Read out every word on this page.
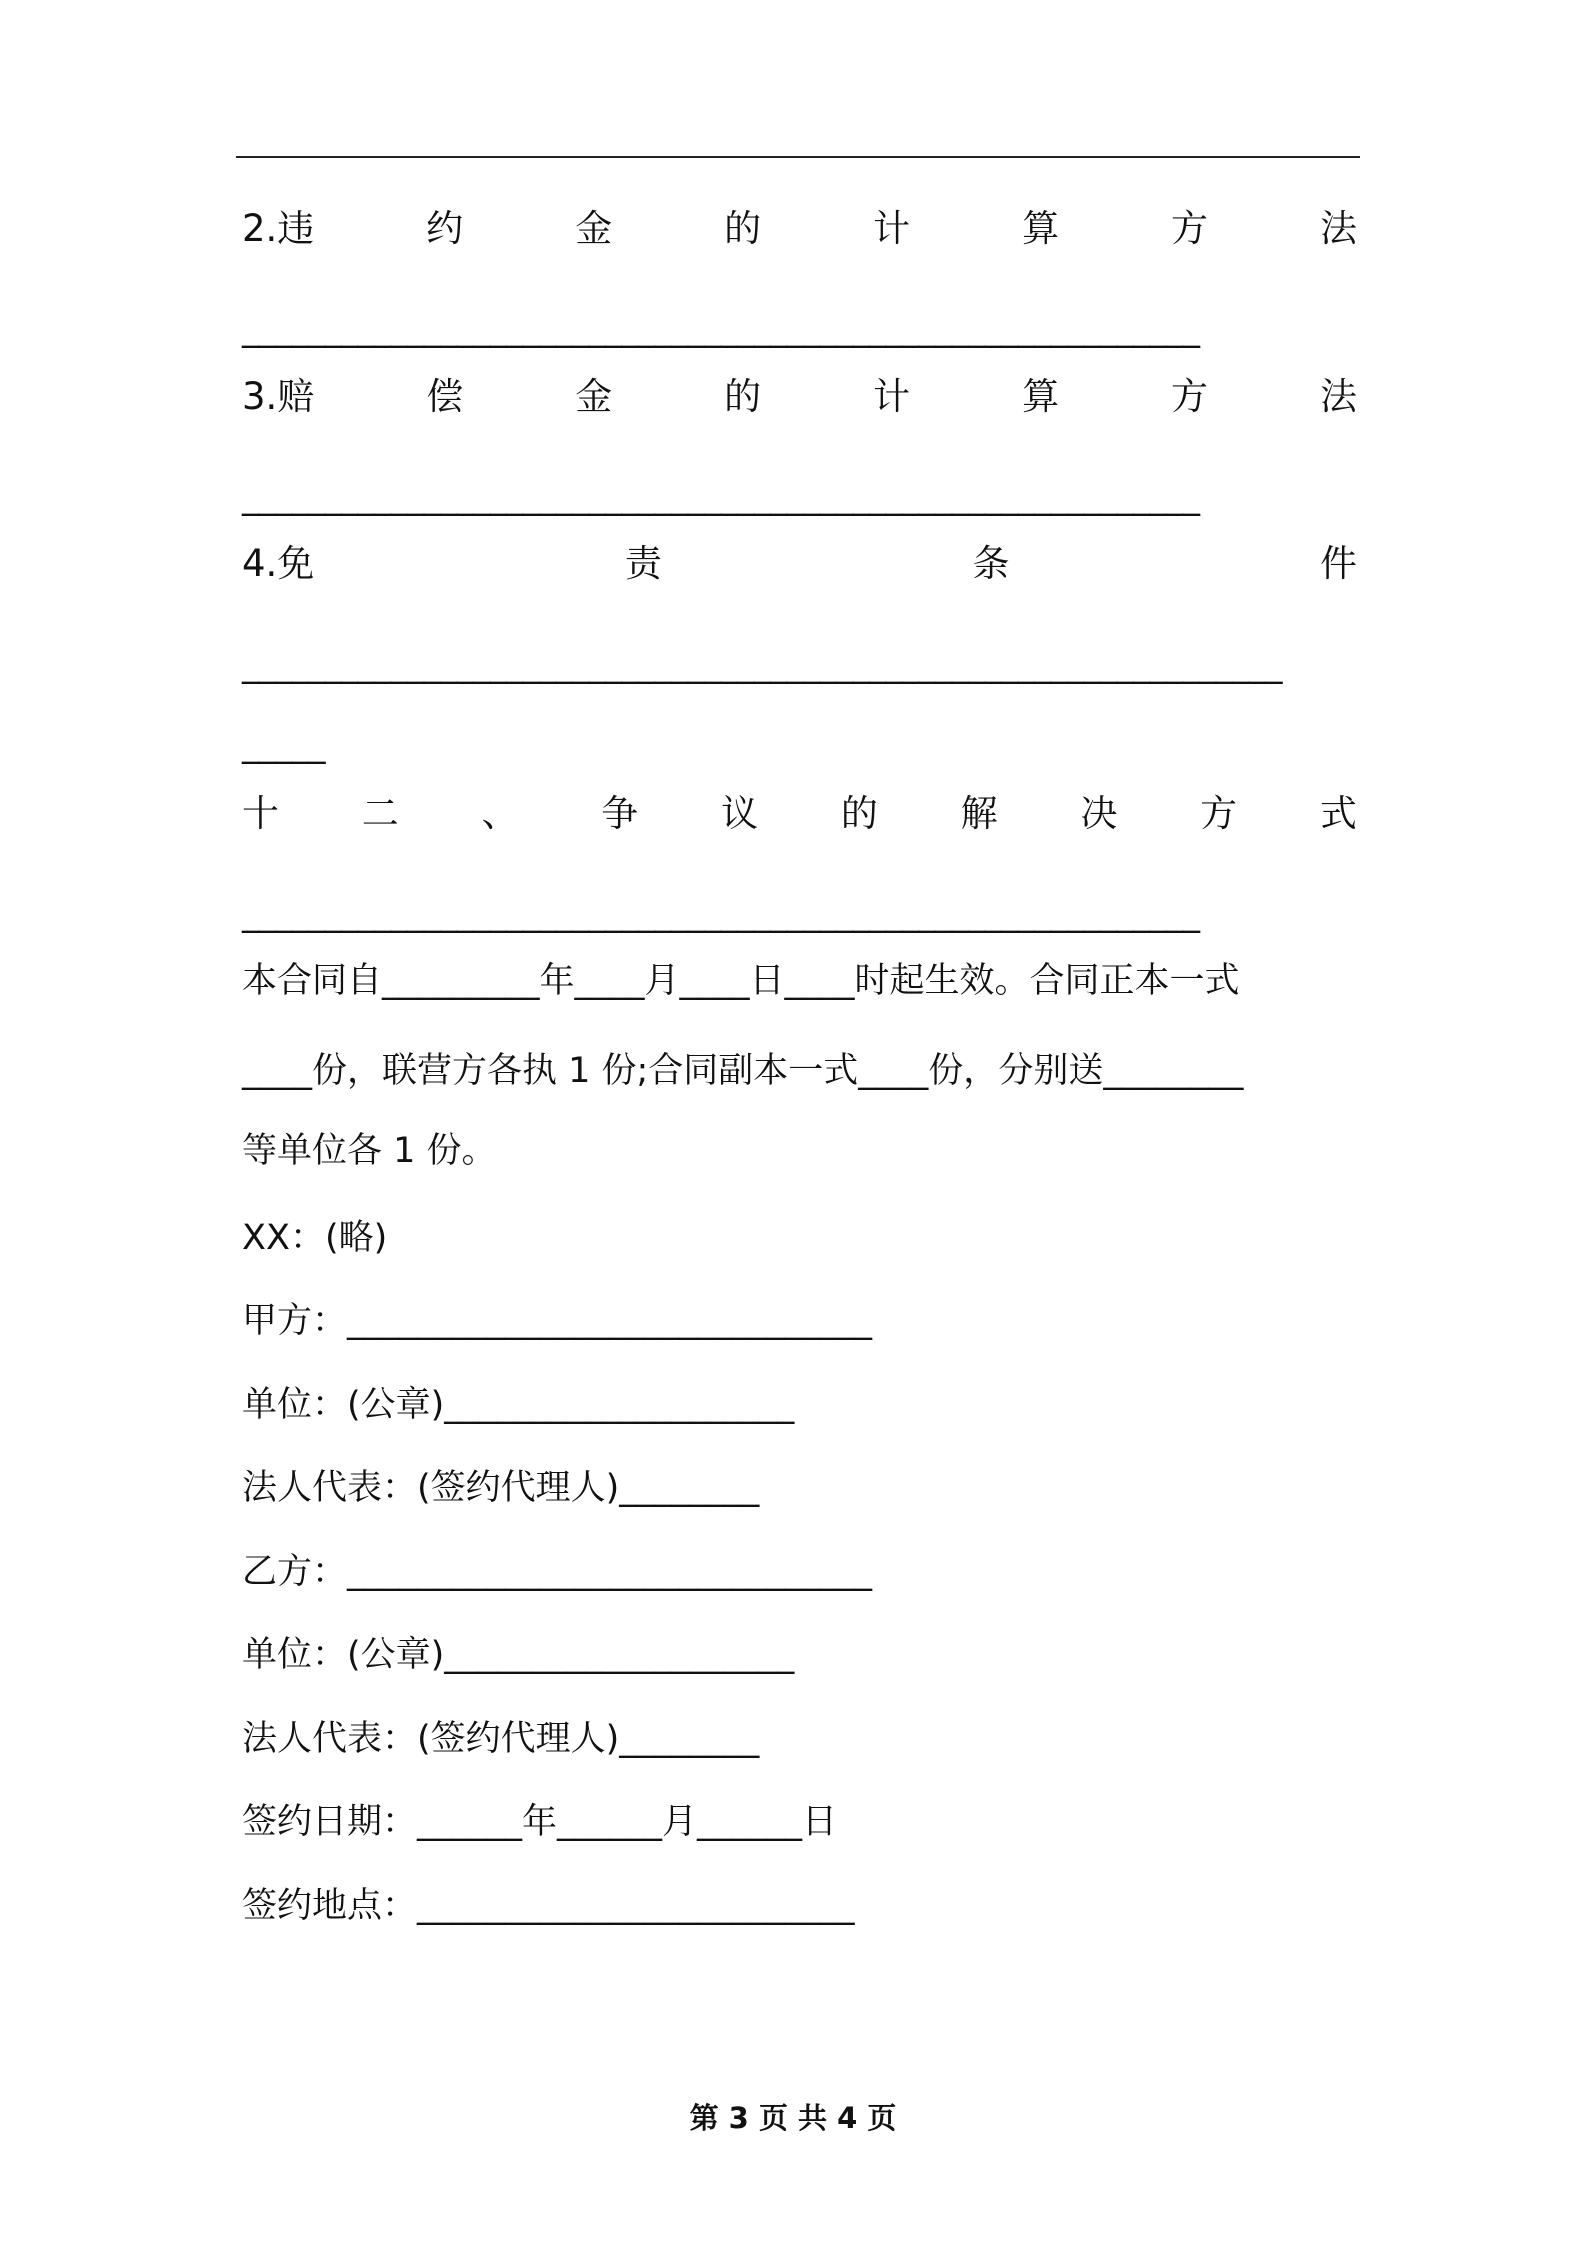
2.违	约	金	的	计	算	方	法
__________________________________________________________
3.赔	偿	金	的	计	算	方	法
__________________________________________________________
4.免	责	条	件
_______________________________________________________________
_____
十 二 、 争 议 的 解 决 方 式
__________________________________________________________
本合同自_________年____月____日____时起生效。合同正本一式
____份，联营方各执 1 份;合同副本一式____份，分别送________
等单位各 1 份。
XX：(略)
甲方：______________________________
单位：(公章)____________________
法人代表：(签约代理人)________
乙方：______________________________
单位：(公章)____________________
法人代表：(签约代理人)________
签约日期：______年______月______日
签约地点：_________________________
第 3 页 共 4 页
